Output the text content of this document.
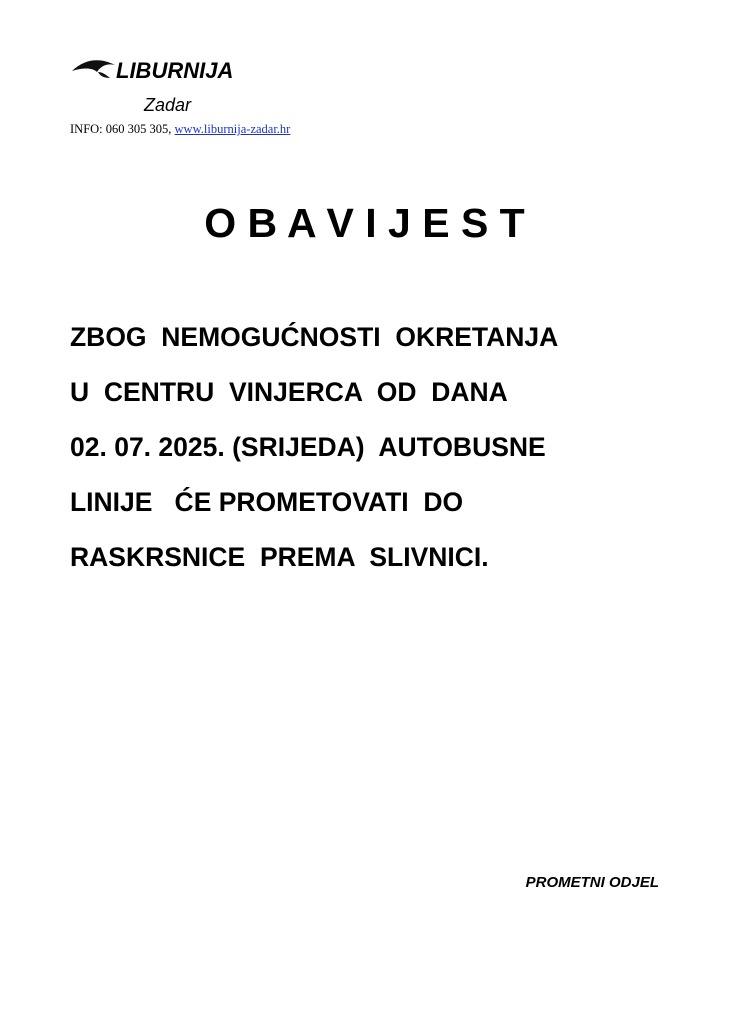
LIBURNIJA
Zadar
INFO: 060 305 305, www.liburnija-zadar.hr
O B A V I J E S T
ZBOG  NEMOGUĆNOSTI  OKRETANJA
U  CENTRU  VINJERCA  OD  DANA
02. 07. 2025. (SRIJEDA)  AUTOBUSNE
LINIJE   ĆE PROMETOVATI  DO
RASKRSNICE  PREMA  SLIVNICI.
PROMETNI ODJEL
